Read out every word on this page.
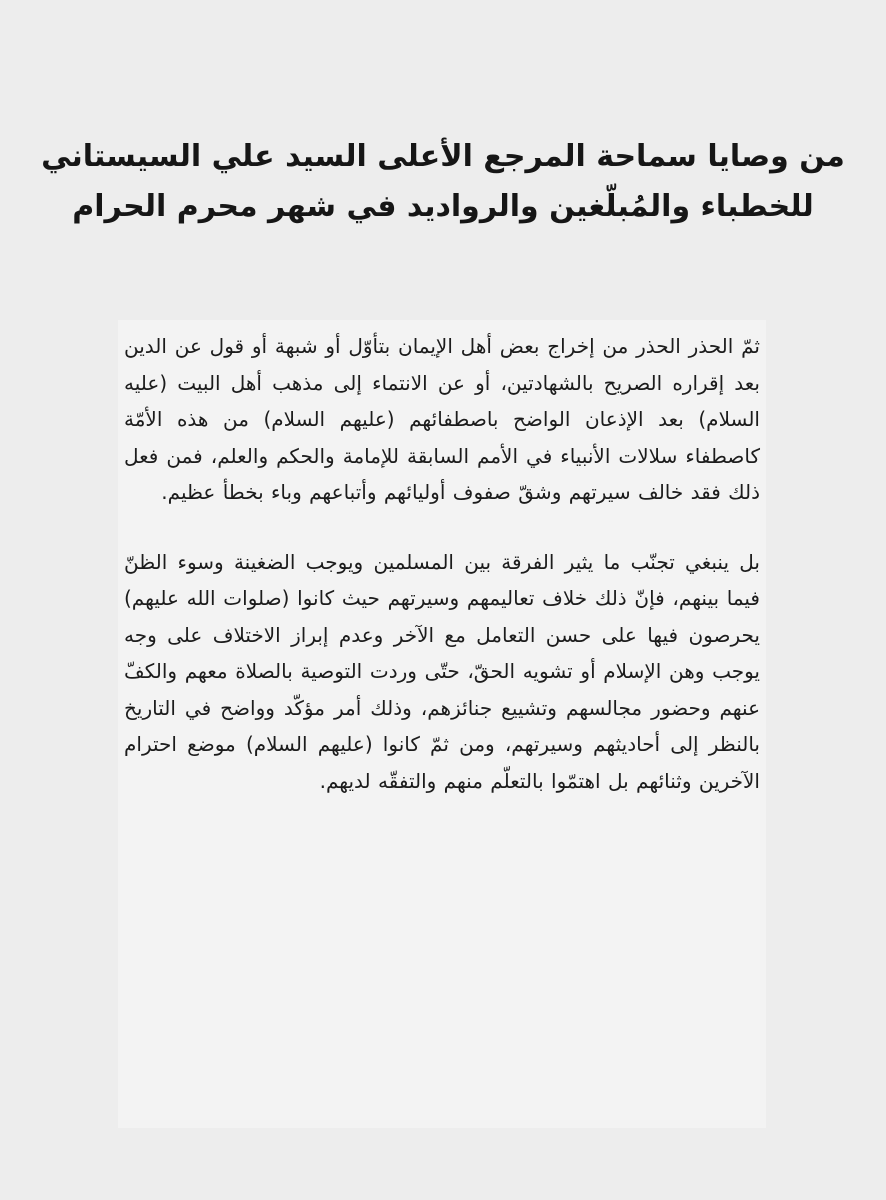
من وصايا سماحة المرجع الأعلى السيد علي السيستاني
للخطباء والمُبلّغين والرواديد في شهر محرم الحرام

ثمّ الحذر الحذر من إخراج بعض أهل الإيمان بتأوّل أو شبهة أو قول عن الدين بعد إقراره الصريح بالشهادتين، أو عن الانتماء إلى مذهب أهل البيت (عليه السلام) بعد الإذعان الواضح باصطفائهم (عليهم السلام) من هذه الأمّة كاصطفاء سلالات الأنبياء في الأمم السابقة للإمامة والحكم والعلم، فمن فعل ذلك فقد خالف سيرتهم وشقّ صفوف أوليائهم وأتباعهم وباء بخطأ عظيم.

بل ينبغي تجنّب ما يثير الفرقة بين المسلمين ويوجب الضغينة وسوء الظنّ فيما بينهم، فإنّ ذلك خلاف تعاليمهم وسيرتهم حيث كانوا (صلوات الله عليهم) يحرصون فيها على حسن التعامل مع الآخر وعدم إبراز الاختلاف على وجه يوجب وهن الإسلام أو تشويه الحقّ، حتّى وردت التوصية بالصلاة معهم والكفّ عنهم وحضور مجالسهم وتشييع جنائزهم، وذلك أمر مؤكّد وواضح في التاريخ بالنظر إلى أحاديثهم وسيرتهم، ومن ثمّ كانوا (عليهم السلام) موضع احترام الآخرين وثنائهم بل اهتمّوا بالتعلّم منهم والتفقّه لديهم.
